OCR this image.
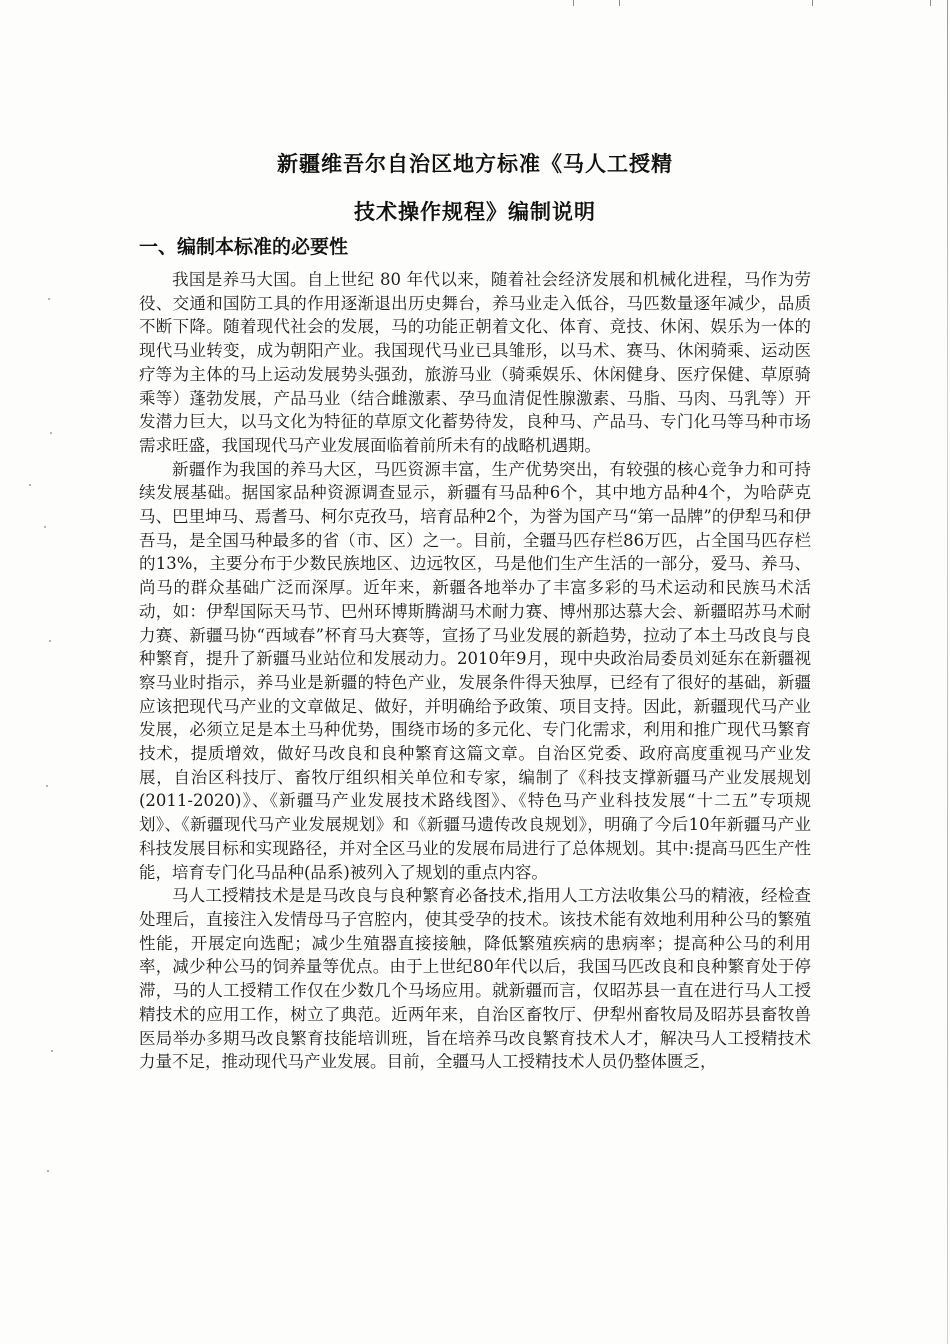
新疆维吾尔自治区地方标准《马人工授精
技术操作规程》编制说明
一、编制本标准的必要性

我国是养马大国。自上世纪 80 年代以来，随着社会经济发展和机械化进程，马作为劳役、交通和国防工具的作用逐渐退出历史舞台，养马业走入低谷，马匹数量逐年减少，品质不断下降。随着现代社会的发展，马的功能正朝着文化、体育、竞技、休闲、娱乐为一体的现代马业转变，成为朝阳产业。我国现代马业已具雏形，以马术、赛马、休闲骑乘、运动医疗等为主体的马上运动发展势头强劲，旅游马业（骑乘娱乐、休闲健身、医疗保健、草原骑乘等）蓬勃发展，产品马业（结合雌激素、孕马血清促性腺激素、马脂、马肉、马乳等）开发潜力巨大，以马文化为特征的草原文化蓄势待发，良种马、产品马、专门化马等马种市场需求旺盛，我国现代马产业发展面临着前所未有的战略机遇期。

新疆作为我国的养马大区，马匹资源丰富，生产优势突出，有较强的核心竞争力和可持续发展基础。据国家品种资源调查显示，新疆有马品种6个，其中地方品种4个，为哈萨克马、巴里坤马、焉耆马、柯尔克孜马，培育品种2个，为誉为国产马“第一品牌”的伊犁马和伊吾马，是全国马种最多的省（市、区）之一。目前，全疆马匹存栏86万匹，占全国马匹存栏的13%，主要分布于少数民族地区、边远牧区，马是他们生产生活的一部分，爱马、养马、尚马的群众基础广泛而深厚。近年来，新疆各地举办了丰富多彩的马术运动和民族马术活动，如：伊犁国际天马节、巴州环博斯腾湖马术耐力赛、博州那达慕大会、新疆昭苏马术耐力赛、新疆马协“西域春”杯育马大赛等，宣扬了马业发展的新趋势，拉动了本土马改良与良种繁育，提升了新疆马业站位和发展动力。2010年9月，现中央政治局委员刘延东在新疆视察马业时指示，养马业是新疆的特色产业，发展条件得天独厚，已经有了很好的基础，新疆应该把现代马产业的文章做足、做好，并明确给予政策、项目支持。因此，新疆现代马产业发展，必须立足是本土马种优势，围绕市场的多元化、专门化需求，利用和推广现代马繁育技术，提质增效，做好马改良和良种繁育这篇文章。自治区党委、政府高度重视马产业发展，自治区科技厅、畜牧厅组织相关单位和专家，编制了《科技支撑新疆马产业发展规划(2011-2020)》、《新疆马产业发展技术路线图》、《特色马产业科技发展“十二五”专项规划》、《新疆现代马产业发展规划》和《新疆马遗传改良规划》，明确了今后10年新疆马产业科技发展目标和实现路径，并对全区马业的发展布局进行了总体规划。其中:提高马匹生产性能，培育专门化马品种(品系)被列入了规划的重点内容。

马人工授精技术是是马改良与良种繁育必备技术,指用人工方法收集公马的精液，经检查处理后，直接注入发情母马子宫腔内，使其受孕的技术。该技术能有效地利用种公马的繁殖性能，开展定向选配；减少生殖器直接接触，降低繁殖疾病的患病率；提高种公马的利用率，减少种公马的饲养量等优点。由于上世纪80年代以后，我国马匹改良和良种繁育处于停滞，马的人工授精工作仅在少数几个马场应用。就新疆而言，仅昭苏县一直在进行马人工授精技术的应用工作，树立了典范。近两年来，自治区畜牧厅、伊犁州畜牧局及昭苏县畜牧兽医局举办多期马改良繁育技能培训班，旨在培养马改良繁育技术人才，解决马人工授精技术力量不足，推动现代马产业发展。目前，全疆马人工授精技术人员仍整体匮乏，
